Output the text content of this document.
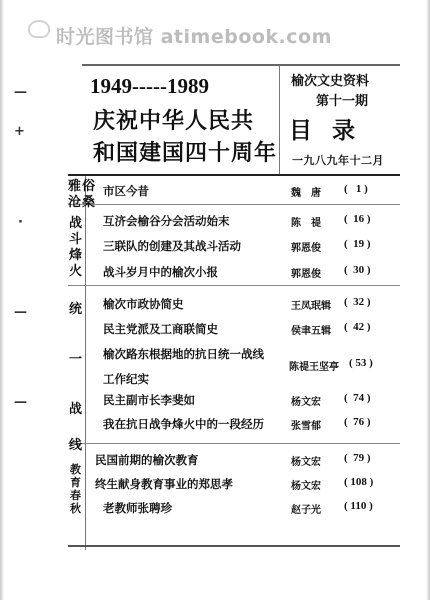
时光图书馆 atimebook.com
—
+
·
—
—
1949-----1989
庆祝中华人民共
和国建国四十周年
榆次文史资料
第十一期
目录
一九八九年十二月
雅 俗
沧 桑
战
斗
烽
火
统
一
战
线
教
育
春
秋
市区今昔	魏　唐 (   1 )
互济会榆谷分会活动始末	陈　禔 (  16 )
三联队的创建及其战斗活动	郭恩俊 (  19 )
战斗岁月中的榆次小报	郭恩俊 (  30 )
榆次市政协简史	王凤珉辑 (  32 )
民主党派及工商联简史	侯聿五辑 (  42 )
榆次路东根据地的抗日统一战线
工作纪实
陈禔王坚亭 ( 53 )
民主副市长李斐如	杨文宏 (  74 )
我在抗日战争烽火中的一段经历	张雪郁 (  76 )
民国前期的榆次教育	杨文宏 (  79 )
终生献身教育事业的郑思孝	杨文宏 ( 108 )
老教师张聘珍	赵子光 ( 110 )
